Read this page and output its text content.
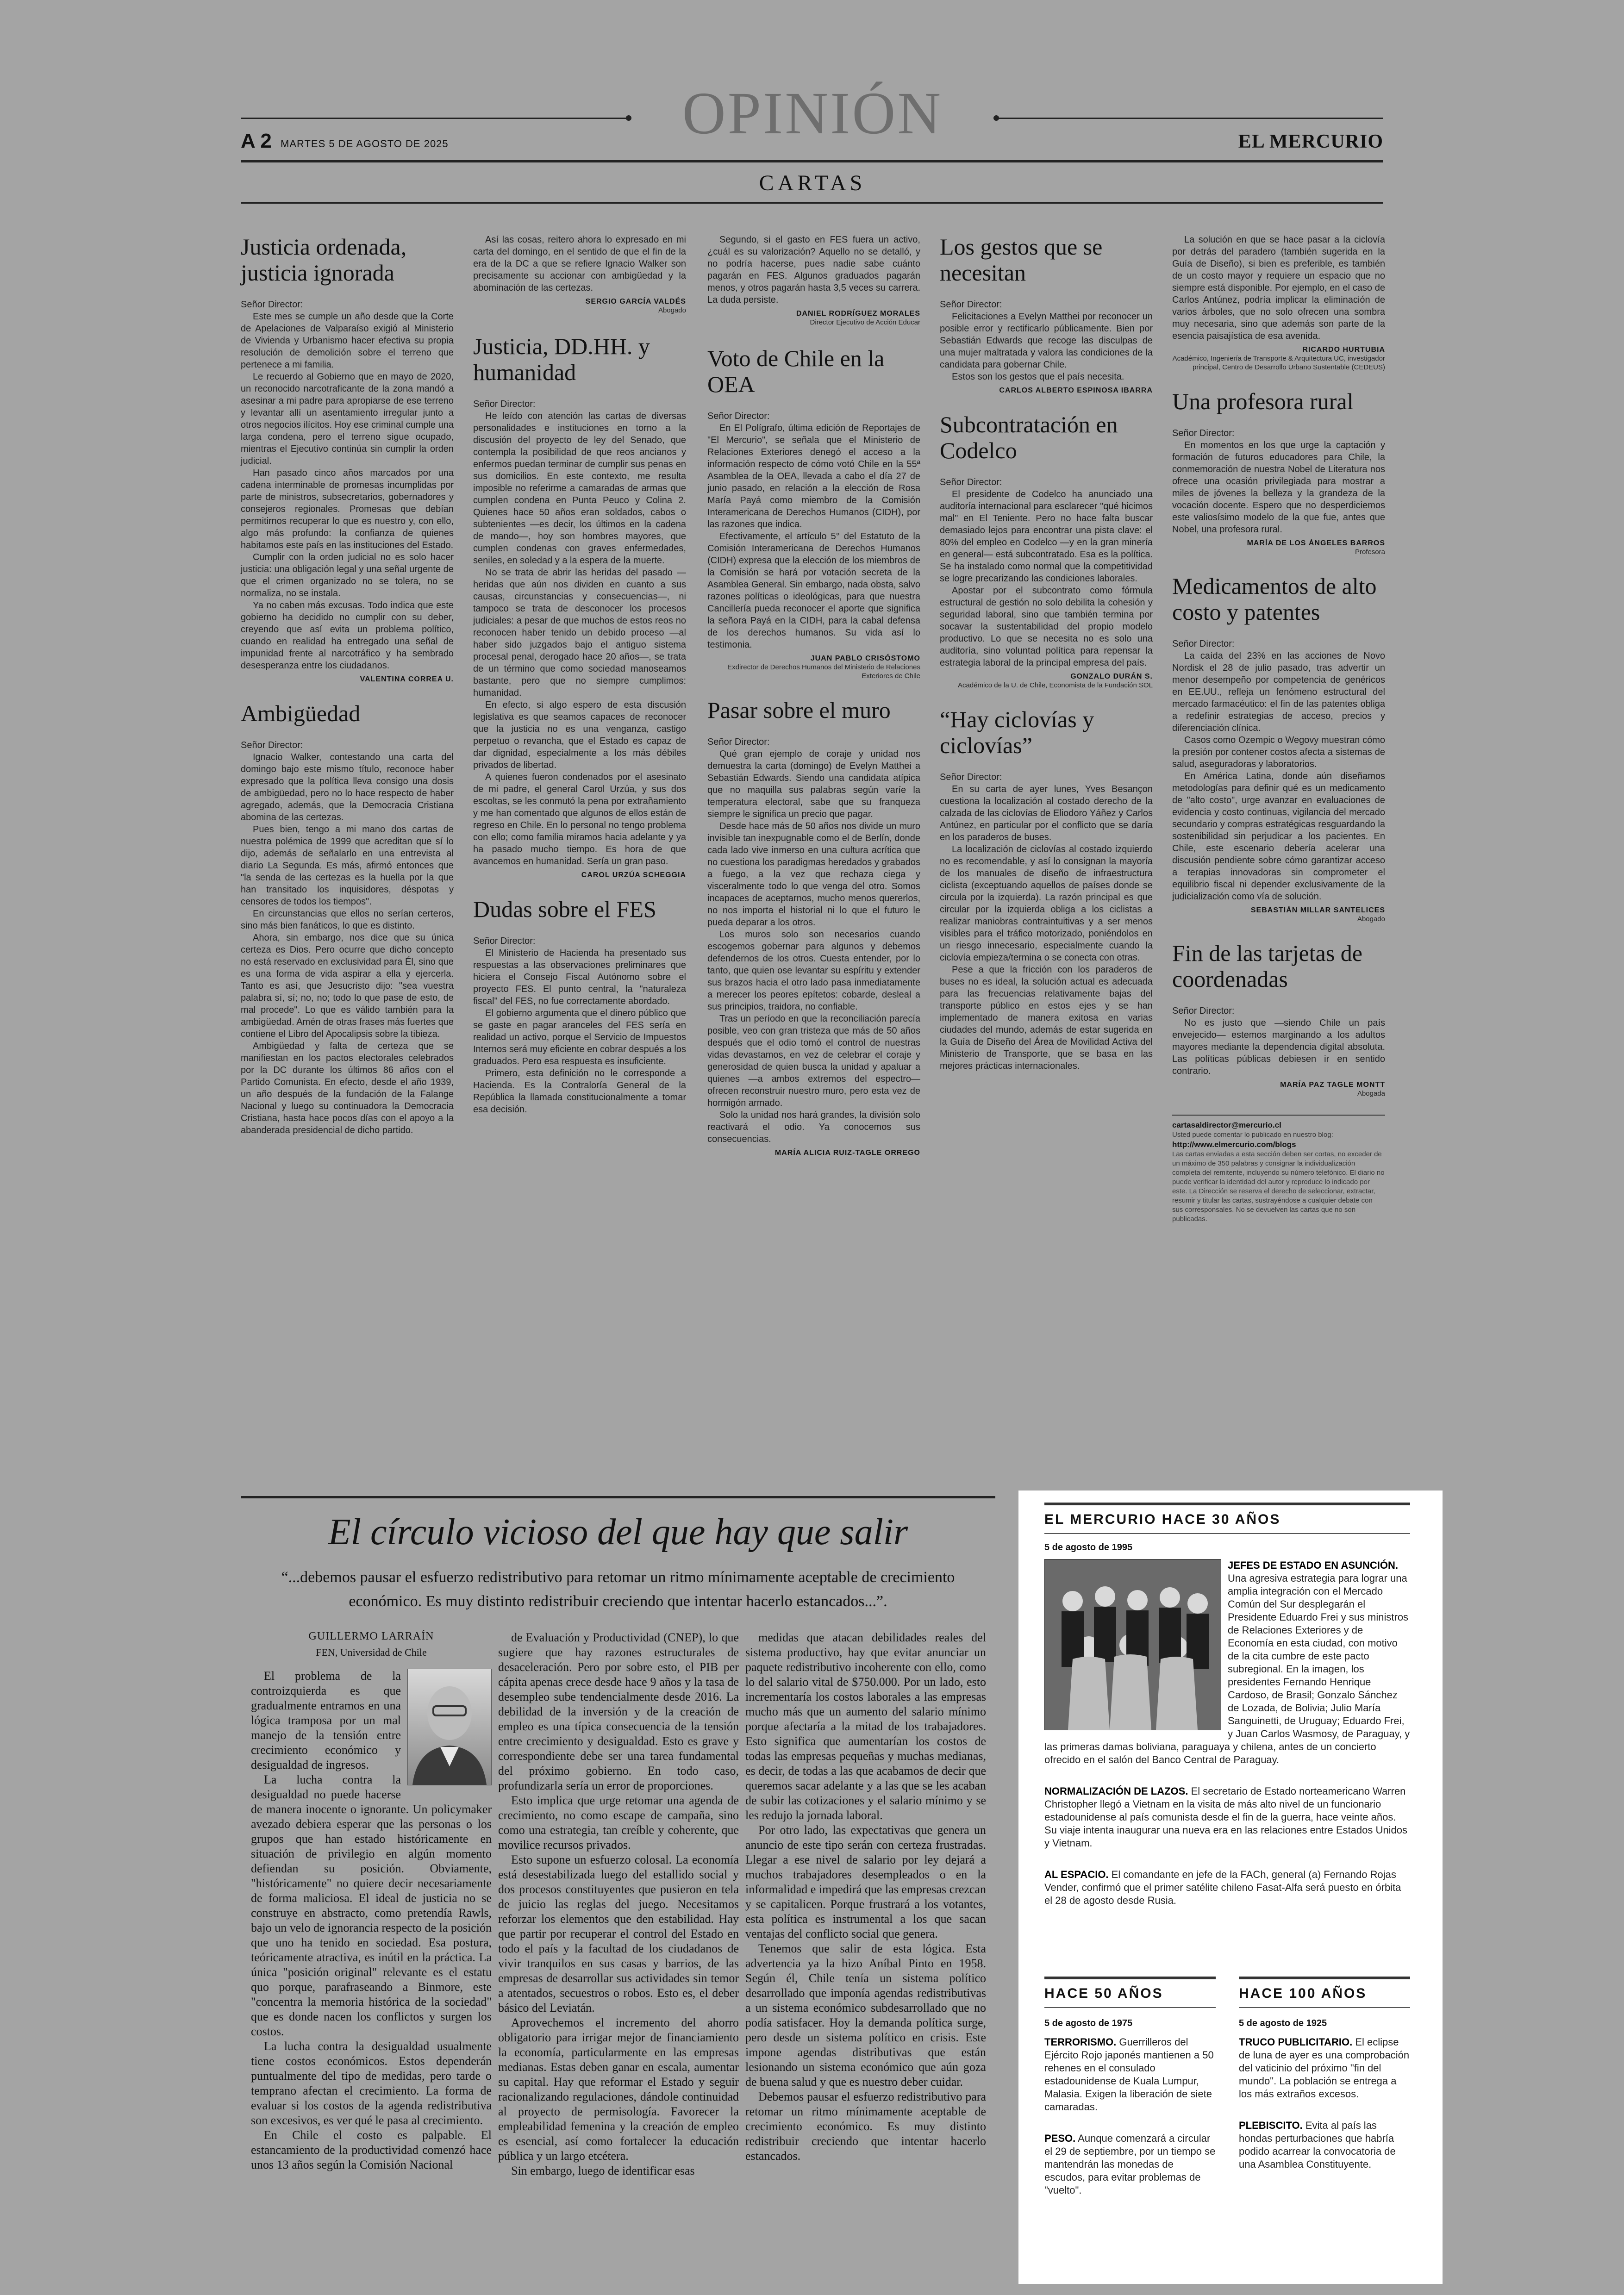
A 2 MARTES 5 DE AGOSTO DE 2025	OPINIÓN	EL MERCURIO
CARTAS
Justicia ordenada, justicia ignorada

Señor Director:

Este mes se cumple un año desde que la Corte de Apelaciones de Valparaíso exigió al Ministerio de Vivienda y Urbanismo hacer efectiva su propia resolución de demolición sobre el terreno que pertenece a mi familia.

Le recuerdo al Gobierno que en mayo de 2020, un reconocido narcotraficante de la zona mandó a asesinar a mi padre para apropiarse de ese terreno y levantar allí un asentamiento irregular junto a otros negocios ilícitos. Hoy ese criminal cumple una larga condena, pero el terreno sigue ocupado, mientras el Ejecutivo continúa sin cumplir la orden judicial.

Han pasado cinco años marcados por una cadena interminable de promesas incumplidas por parte de ministros, subsecretarios, gobernadores y consejeros regionales. Promesas que debían permitirnos recuperar lo que es nuestro y, con ello, algo más profundo: la confianza de quienes habitamos este país en las instituciones del Estado.

Cumplir con la orden judicial no es solo hacer justicia: una obligación legal y una señal urgente de que el crimen organizado no se tolera, no se normaliza, no se instala.

Ya no caben más excusas. Todo indica que este gobierno ha decidido no cumplir con su deber, creyendo que así evita un problema político, cuando en realidad ha entregado una señal de impunidad frente al narcotráfico y ha sembrado desesperanza entre los ciudadanos.

VALENTINA CORREA U.
Ambigüedad

Señor Director:

Ignacio Walker, contestando una carta del domingo bajo este mismo título, reconoce haber expresado que la política lleva consigo una dosis de ambigüedad, pero no lo hace respecto de haber agregado, además, que la Democracia Cristiana abomina de las certezas.

Pues bien, tengo a mi mano dos cartas de nuestra polémica de 1999 que acreditan que sí lo dijo, además de señalarlo en una entrevista al diario La Segunda. Es más, afirmó entonces que "la senda de las certezas es la huella por la que han transitado los inquisidores, déspotas y censores de todos los tiempos".

En circunstancias que ellos no serían certeros, sino más bien fanáticos, lo que es distinto.

Ahora, sin embargo, nos dice que su única certeza es Dios. Pero ocurre que dicho concepto no está reservado en exclusividad para Él, sino que es una forma de vida aspirar a ella y ejercerla. Tanto es así, que Jesucristo dijo: "sea vuestra palabra sí, sí; no, no; todo lo que pase de esto, de mal procede". Lo que es válido también para la ambigüedad. Amén de otras frases más fuertes que contiene el Libro del Apocalipsis sobre la tibieza.

Ambigüedad y falta de certeza que se manifiestan en los pactos electorales celebrados por la DC durante los últimos 86 años con el Partido Comunista. En efecto, desde el año 1939, un año después de la fundación de la Falange Nacional y luego su continuadora la Democracia Cristiana, hasta hace pocos días con el apoyo a la abanderada presidencial de dicho partido.

Así las cosas, reitero ahora lo expresado en mi carta del domingo, en el sentido de que el fin de la era de la DC a que se refiere Ignacio Walker son precisamente su accionar con ambigüedad y la abominación de las certezas.

SERGIO GARCÍA VALDÉS
Abogado
Justicia, DD.HH. y humanidad

Señor Director:

He leído con atención las cartas de diversas personalidades e instituciones en torno a la discusión del proyecto de ley del Senado, que contempla la posibilidad de que reos ancianos y enfermos puedan terminar de cumplir sus penas en sus domicilios. En este contexto, me resulta imposible no referirme a camaradas de armas que cumplen condena en Punta Peuco y Colina 2. Quienes hace 50 años eran soldados, cabos o subtenientes —es decir, los últimos en la cadena de mando—, hoy son hombres mayores, que cumplen condenas con graves enfermedades, seniles, en soledad y a la espera de la muerte.

No se trata de abrir las heridas del pasado —heridas que aún nos dividen en cuanto a sus causas, circunstancias y consecuencias—, ni tampoco se trata de desconocer los procesos judiciales: a pesar de que muchos de estos reos no reconocen haber tenido un debido proceso —al haber sido juzgados bajo el antiguo sistema procesal penal, derogado hace 20 años—, se trata de un término que como sociedad manoseamos bastante, pero que no siempre cumplimos: humanidad.

En efecto, si algo espero de esta discusión legislativa es que seamos capaces de reconocer que la justicia no es una venganza, castigo perpetuo o revancha, que el Estado es capaz de dar dignidad, especialmente a los más débiles privados de libertad.

A quienes fueron condenados por el asesinato de mi padre, el general Carol Urzúa, y sus dos escoltas, se les conmutó la pena por extrañamiento y me han comentado que algunos de ellos están de regreso en Chile. En lo personal no tengo problema con ello; como familia miramos hacia adelante y ya ha pasado mucho tiempo. Es hora de que avancemos en humanidad. Sería un gran paso.

CAROL URZÚA SCHEGGIA
Dudas sobre el FES

Señor Director:

El Ministerio de Hacienda ha presentado sus respuestas a las observaciones preliminares que hiciera el Consejo Fiscal Autónomo sobre el proyecto FES. El punto central, la "naturaleza fiscal" del FES, no fue correctamente abordado.

El gobierno argumenta que el dinero público que se gaste en pagar aranceles del FES sería en realidad un activo, porque el Servicio de Impuestos Internos será muy eficiente en cobrar después a los graduados. Pero esa respuesta es insuficiente.

Primero, esta definición no le corresponde a Hacienda. Es la Contraloría General de la República la llamada constitucionalmente a tomar esa decisión.

Segundo, si el gasto en FES fuera un activo, ¿cuál es su valorización? Aquello no se detalló, y no podría hacerse, pues nadie sabe cuánto pagarán en FES. Algunos graduados pagarán menos, y otros pagarán hasta 3,5 veces su carrera. La duda persiste.

DANIEL RODRÍGUEZ MORALES
Director Ejecutivo de Acción Educar
Voto de Chile en la OEA

Señor Director:

En El Polígrafo, última edición de Reportajes de "El Mercurio", se señala que el Ministerio de Relaciones Exteriores denegó el acceso a la información respecto de cómo votó Chile en la 55ª Asamblea de la OEA, llevada a cabo el día 27 de junio pasado, en relación a la elección de Rosa María Payá como miembro de la Comisión Interamericana de Derechos Humanos (CIDH), por las razones que indica.

Efectivamente, el artículo 5° del Estatuto de la Comisión Interamericana de Derechos Humanos (CIDH) expresa que la elección de los miembros de la Comisión se hará por votación secreta de la Asamblea General. Sin embargo, nada obsta, salvo razones políticas o ideológicas, para que nuestra Cancillería pueda reconocer el aporte que significa la señora Payá en la CIDH, para la cabal defensa de los derechos humanos. Su vida así lo testimonia.

JUAN PABLO CRISÓSTOMO
Exdirector de Derechos Humanos del Ministerio de Relaciones Exteriores de Chile
Pasar sobre el muro

Señor Director:

Qué gran ejemplo de coraje y unidad nos demuestra la carta (domingo) de Evelyn Matthei a Sebastián Edwards. Siendo una candidata atípica que no maquilla sus palabras según varíe la temperatura electoral, sabe que su franqueza siempre le significa un precio que pagar.

Desde hace más de 50 años nos divide un muro invisible tan inexpugnable como el de Berlín, donde cada lado vive inmerso en una cultura acrítica que no cuestiona los paradigmas heredados y grabados a fuego, a la vez que rechaza ciega y visceralmente todo lo que venga del otro. Somos incapaces de aceptarnos, mucho menos quererlos, no nos importa el historial ni lo que el futuro le pueda deparar a los otros.

Los muros solo son necesarios cuando escogemos gobernar para algunos y debemos defendernos de los otros. Cuesta entender, por lo tanto, que quien ose levantar su espíritu y extender sus brazos hacia el otro lado pasa inmediatamente a merecer los peores epítetos: cobarde, desleal a sus principios, traidora, no confiable.

Tras un período en que la reconciliación parecía posible, veo con gran tristeza que más de 50 años después que el odio tomó el control de nuestras vidas devastamos, en vez de celebrar el coraje y generosidad de quien busca la unidad y apaluar a quienes —a ambos extremos del espectro— ofrecen reconstruir nuestro muro, pero esta vez de hormigón armado.

Solo la unidad nos hará grandes, la división solo reactivará el odio. Ya conocemos sus consecuencias.

MARÍA ALICIA RUIZ-TAGLE ORREGO
Los gestos que se necesitan

Señor Director:

Felicitaciones a Evelyn Matthei por reconocer un posible error y rectificarlo públicamente. Bien por Sebastián Edwards que recoge las disculpas de una mujer maltratada y valora las condiciones de la candidata para gobernar Chile.

Estos son los gestos que el país necesita.

CARLOS ALBERTO ESPINOSA IBARRA
Subcontratación en Codelco

Señor Director:

El presidente de Codelco ha anunciado una auditoría internacional para esclarecer "qué hicimos mal" en El Teniente. Pero no hace falta buscar demasiado lejos para encontrar una pista clave: el 80% del empleo en Codelco —y en la gran minería en general— está subcontratado. Esa es la política. Se ha instalado como normal que la competitividad se logre precarizando las condiciones laborales.

Apostar por el subcontrato como fórmula estructural de gestión no solo debilita la cohesión y seguridad laboral, sino que también termina por socavar la sustentabilidad del propio modelo productivo. Lo que se necesita no es solo una auditoría, sino voluntad política para repensar la estrategia laboral de la principal empresa del país.

GONZALO DURÁN S.
Académico de la U. de Chile, Economista de la Fundación SOL
“Hay ciclovías y ciclovías”

Señor Director:

En su carta de ayer lunes, Yves Besançon cuestiona la localización al costado derecho de la calzada de las ciclovías de Eliodoro Yáñez y Carlos Antúnez, en particular por el conflicto que se daría en los paraderos de buses.

La localización de ciclovías al costado izquierdo no es recomendable, y así lo consignan la mayoría de los manuales de diseño de infraestructura ciclista (exceptuando aquellos de países donde se circula por la izquierda). La razón principal es que circular por la izquierda obliga a los ciclistas a realizar maniobras contraintuitivas y a ser menos visibles para el tráfico motorizado, poniéndolos en un riesgo innecesario, especialmente cuando la ciclovía empieza/termina o se conecta con otras.

Pese a que la fricción con los paraderos de buses no es ideal, la solución actual es adecuada para las frecuencias relativamente bajas del transporte público en estos ejes y se han implementado de manera exitosa en varias ciudades del mundo, además de estar sugerida en la Guía de Diseño del Área de Movilidad Activa del Ministerio de Transporte, que se basa en las mejores prácticas internacionales.

La solución en que se hace pasar a la ciclovía por detrás del paradero (también sugerida en la Guía de Diseño), si bien es preferible, es también de un costo mayor y requiere un espacio que no siempre está disponible. Por ejemplo, en el caso de Carlos Antúnez, podría implicar la eliminación de varios árboles, que no solo ofrecen una sombra muy necesaria, sino que además son parte de la esencia paisajística de esa avenida.

RICARDO HURTUBIA
Académico, Ingeniería de Transporte & Arquitectura UC, investigador principal, Centro de Desarrollo Urbano Sustentable (CEDEUS)
Una profesora rural

Señor Director:

En momentos en los que urge la captación y formación de futuros educadores para Chile, la conmemoración de nuestra Nobel de Literatura nos ofrece una ocasión privilegiada para mostrar a miles de jóvenes la belleza y la grandeza de la vocación docente. Espero que no desperdiciemos este valiosísimo modelo de la que fue, antes que Nobel, una profesora rural.

MARÍA DE LOS ÁNGELES BARROS
Profesora
Medicamentos de alto costo y patentes

Señor Director:

La caída del 23% en las acciones de Novo Nordisk el 28 de julio pasado, tras advertir un menor desempeño por competencia de genéricos en EE.UU., refleja un fenómeno estructural del mercado farmacéutico: el fin de las patentes obliga a redefinir estrategias de acceso, precios y diferenciación clínica.

Casos como Ozempic o Wegovy muestran cómo la presión por contener costos afecta a sistemas de salud, aseguradoras y laboratorios.

En América Latina, donde aún diseñamos metodologías para definir qué es un medicamento de "alto costo", urge avanzar en evaluaciones de evidencia y costo continuas, vigilancia del mercado secundario y compras estratégicas resguardando la sostenibilidad sin perjudicar a los pacientes. En Chile, este escenario debería acelerar una discusión pendiente sobre cómo garantizar acceso a terapias innovadoras sin comprometer el equilibrio fiscal ni depender exclusivamente de la judicialización como vía de solución.

SEBASTIÁN MILLAR SANTELICES
Abogado
Fin de las tarjetas de coordenadas

Señor Director:

No es justo que —siendo Chile un país envejecido— estemos marginando a los adultos mayores mediante la dependencia digital absoluta. Las políticas públicas debiesen ir en sentido contrario.

MARÍA PAZ TAGLE MONTT
Abogada

cartasaldirector@mercurio.cl

Usted puede comentar lo publicado en nuestro blog:

http://www.elmercurio.com/blogs

Las cartas enviadas a esta sección deben ser cortas, no exceder de un máximo de 350 palabras y consignar la individualización completa del remitente, incluyendo su número telefónico. El diario no puede verificar la identidad del autor y reproduce lo indicado por este. La Dirección se reserva el derecho de seleccionar, extractar, resumir y titular las cartas, sustrayéndose a cualquier debate con sus corresponsales. No se devuelven las cartas que no son publicadas.

El círculo vicioso del que hay que salir
“...debemos pausar el esfuerzo redistributivo para retomar un ritmo mínimamente aceptable de crecimiento económico. Es muy distinto redistribuir creciendo que intentar hacerlo estancados...”.
GUILLERMO LARRAÍN
FEN, Universidad de Chile

El problema de la controizquierda es que gradualmente entramos en una lógica tramposa por un mal manejo de la tensión entre crecimiento económico y desigualdad de ingresos.

La lucha contra la desigualdad no puede hacerse de manera inocente o ignorante. Un policymaker avezado debiera esperar que las personas o los grupos que han estado históricamente en situación de privilegio en algún momento defiendan su posición. Obviamente, "históricamente" no quiere decir necesariamente de forma maliciosa. El ideal de justicia no se construye en abstracto, como pretendía Rawls, bajo un velo de ignorancia respecto de la posición que uno ha tenido en sociedad. Esa postura, teóricamente atractiva, es inútil en la práctica. La única "posición original" relevante es el estatu quo porque, parafraseando a Binmore, este "concentra la memoria histórica de la sociedad" que es donde nacen los conflictos y surgen los costos.

La lucha contra la desigualdad usualmente tiene costos económicos. Estos dependerán puntualmente del tipo de medidas, pero tarde o temprano afectan el crecimiento. La forma de evaluar si los costos de la agenda redistributiva son excesivos, es ver qué le pasa al crecimiento.

En Chile el costo es palpable. El estancamiento de la productividad comenzó hace unos 13 años según la Comisión Nacional

de Evaluación y Productividad (CNEP), lo que sugiere que hay razones estructurales de desaceleración. Pero por sobre esto, el PIB per cápita apenas crece desde hace 9 años y la tasa de desempleo sube tendencialmente desde 2016. La debilidad de la inversión y de la creación de empleo es una típica consecuencia de la tensión entre crecimiento y desigualdad. Esto es grave y correspondiente debe ser una tarea fundamental del próximo gobierno. En todo caso, profundizarla sería un error de proporciones.

Esto implica que urge retomar una agenda de crecimiento, no como escape de campaña, sino como una estrategia, tan creíble y coherente, que movilice recursos privados.

Esto supone un esfuerzo colosal. La economía está desestabilizada luego del estallido social y dos procesos constituyentes que pusieron en tela de juicio las reglas del juego. Necesitamos reforzar los elementos que den estabilidad. Hay que partir por recuperar el control del Estado en todo el país y la facultad de los ciudadanos de vivir tranquilos en sus casas y barrios, de las empresas de desarrollar sus actividades sin temor a atentados, secuestros o robos. Esto es, el deber básico del Leviatán.

Aprovechemos el incremento del ahorro obligatorio para irrigar mejor de financiamiento la economía, particularmente en las empresas medianas. Estas deben ganar en escala, aumentar su capital. Hay que reformar el Estado y seguir racionalizando regulaciones, dándole continuidad al proyecto de permisología. Favorecer la empleabilidad femenina y la creación de empleo es esencial, así como fortalecer la educación pública y un largo etcétera.

Sin embargo, luego de identificar esas

medidas que atacan debilidades reales del sistema productivo, hay que evitar anunciar un paquete redistributivo incoherente con ello, como lo del salario vital de $750.000. Por un lado, esto incrementaría los costos laborales a las empresas mucho más que un aumento del salario mínimo porque afectaría a la mitad de los trabajadores. Esto significa que aumentarían los costos de todas las empresas pequeñas y muchas medianas, es decir, de todas a las que acabamos de decir que queremos sacar adelante y a las que se les acaban de subir las cotizaciones y el salario mínimo y se les redujo la jornada laboral.

Por otro lado, las expectativas que genera un anuncio de este tipo serán con certeza frustradas. Llegar a ese nivel de salario por ley dejará a muchos trabajadores desempleados o en la informalidad e impedirá que las empresas crezcan y se capitalicen. Porque frustrará a los votantes, esta política es instrumental a los que sacan ventajas del conflicto social que genera.

Tenemos que salir de esta lógica. Esta advertencia ya la hizo Aníbal Pinto en 1958. Según él, Chile tenía un sistema político desarrollado que imponía agendas redistributivas a un sistema económico subdesarrollado que no podía satisfacer. Hoy la demanda política surge, pero desde un sistema político en crisis. Este impone agendas distributivas que están lesionando un sistema económico que aún goza de buena salud y que es nuestro deber cuidar.

Debemos pausar el esfuerzo redistributivo para retomar un ritmo mínimamente aceptable de crecimiento económico. Es muy distinto redistribuir creciendo que intentar hacerlo estancados.

EL MERCURIO HACE 30 AÑOS
5 de agosto de 1995

JEFES DE ESTADO EN ASUNCIÓN. Una agresiva estrategia para lograr una amplia integración con el Mercado Común del Sur desplegarán el Presidente Eduardo Frei y sus ministros de Relaciones Exteriores y de Economía en esta ciudad, con motivo de la cita cumbre de este pacto subregional. En la imagen, los presidentes Fernando Henrique Cardoso, de Brasil; Gonzalo Sánchez de Lozada, de Bolivia; Julio María Sanguinetti, de Uruguay; Eduardo Frei, y Juan Carlos Wasmosy, de Paraguay, y las primeras damas boliviana, paraguaya y chilena, antes de un concierto ofrecido en el salón del Banco Central de Paraguay.

NORMALIZACIÓN DE LAZOS. El secretario de Estado norteamericano Warren Christopher llegó a Vietnam en la visita de más alto nivel de un funcionario estadounidense al país comunista desde el fin de la guerra, hace veinte años. Su viaje intenta inaugurar una nueva era en las relaciones entre Estados Unidos y Vietnam.

AL ESPACIO. El comandante en jefe de la FACh, general (a) Fernando Rojas Vender, confirmó que el primer satélite chileno Fasat-Alfa será puesto en órbita el 28 de agosto desde Rusia.

HACE 50 AÑOS
5 de agosto de 1975

TERRORISMO. Guerrilleros del Ejército Rojo japonés mantienen a 50 rehenes en el consulado estadounidense de Kuala Lumpur, Malasia. Exigen la liberación de siete camaradas.

PESO. Aunque comenzará a circular el 29 de septiembre, por un tiempo se mantendrán las monedas de escudos, para evitar problemas de "vuelto".

HACE 100 AÑOS
5 de agosto de 1925

TRUCO PUBLICITARIO. El eclipse de luna de ayer es una comprobación del vaticinio del próximo "fin del mundo". La población se entrega a los más extraños excesos.

PLEBISCITO. Evita al país las hondas perturbaciones que habría podido acarrear la convocatoria de una Asamblea Constituyente.
